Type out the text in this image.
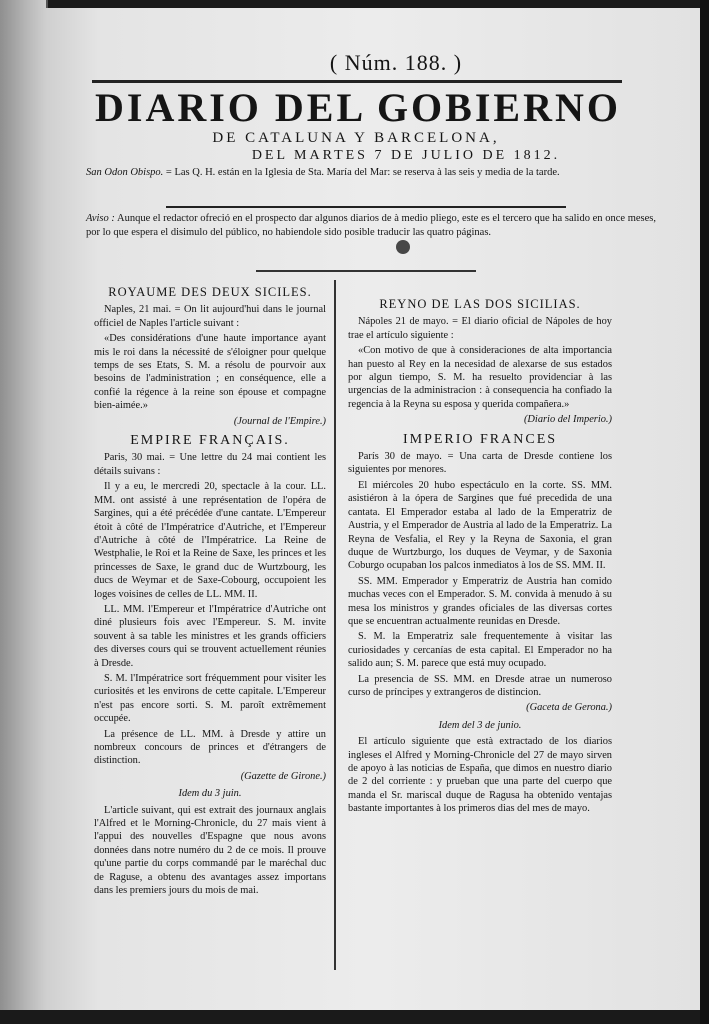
( Núm. 188. )
DIARIO DEL GOBIERNO
DE CATALUNA Y BARCELONA,
DEL MARTES 7 DE JULIO DE 1812.
San Odon Obispo. = Las Q. H. están en la Iglesia de Sta. María del Mar: se reserva à las seis y media de la tarde.
Aviso : Aunque el redactor ofreció en el prospecto dar algunos diarios de à medio pliego, este es el tercero que ha salido en once meses, por lo que espera el disimulo del público, no habiendole sido posible traducir las quatro páginas.
ROYAUME DES DEUX SICILES.

Naples, 21 mai. = On lit aujourd'hui dans le journal officiel de Naples l'article suivant :

«Des considérations d'une haute importance ayant mis le roi dans la nécessité de s'éloigner pour quelque temps de ses Etats, S. M. a résolu de pourvoir aux besoins de l'administration ; en conséquence, elle a confié la régence à la reine son épouse et compagne bien-aimée.»

(Journal de l'Empire.)
EMPIRE FRANÇAIS.

Paris, 30 mai. = Une lettre du 24 mai contient les détails suivans :

Il y a eu, le mercredi 20, spectacle à la cour. LL. MM. ont assisté à une représentation de l'opéra de Sargines, qui a été précédée d'une cantate. L'Empereur étoit à côté de l'Impératrice d'Autriche, et l'Empereur d'Autriche à côté de l'Impératrice. La Reine de Westphalie, le Roi et la Reine de Saxe, les princes et les princesses de Saxe, le grand duc de Wurtzbourg, les ducs de Weymar et de Saxe-Cobourg, occupoient les loges voisines de celles de LL. MM. II.

LL. MM. l'Empereur et l'Impératrice d'Autriche ont diné plusieurs fois avec l'Empereur. S. M. invite souvent à sa table les ministres et les grands officiers des diverses cours qui se trouvent actuellement réunies à Dresde.

S. M. l'Impératrice sort fréquemment pour visiter les curiosités et les environs de cette capitale. L'Empereur n'est pas encore sorti. S. M. paroît extrêmement occupée.

La présence de LL. MM. à Dresde y attire un nombreux concours de princes et d'étrangers de distinction.

(Gazette de Girone.)
Idem du 3 juin.

L'article suivant, qui est extrait des journaux anglais l'Alfred et le Morning-Chronicle, du 27 mais vient à l'appui des nouvelles d'Espagne que nous avons données dans notre numéro du 2 de ce mois. Il prouve qu'une partie du corps commandé par le maréchal duc de Raguse, a obtenu des avantages assez importans dans les premiers jours du mois de mai.

REYNO DE LAS DOS SICILIAS.

Nápoles 21 de mayo. = El diario oficial de Nápoles de hoy trae el artículo siguiente :

«Con motivo de que à consideraciones de alta importancia han puesto al Rey en la necesidad de alexarse de sus estados por algun tiempo, S. M. ha resuelto providenciar à las urgencias de la administracion : à consequencia ha confiado la regencia à la Reyna su esposa y querida compañera.»

(Diario del Imperio.)
IMPERIO FRANCES

París 30 de mayo. = Una carta de Dresde contiene los siguientes por menores.

El miércoles 20 hubo espectáculo en la corte. SS. MM. asistiéron à la ópera de Sargines que fué precedida de una cantata. El Emperador estaba al lado de la Emperatriz de Austria, y el Emperador de Austria al lado de la Emperatriz. La Reyna de Vesfalia, el Rey y la Reyna de Saxonia, el gran duque de Wurtzburgo, los duques de Veymar, y de Saxonia Coburgo ocupaban los palcos inmediatos à los de SS. MM. II.

SS. MM. Emperador y Emperatriz de Austria han comido muchas veces con el Emperador. S. M. convida à menudo à su mesa los ministros y grandes oficiales de las diversas cortes que se encuentran actualmente reunidas en Dresde.

S. M. la Emperatriz sale frequentemente à visitar las curiosidades y cercanías de esta capital. El Emperador no ha salido aun; S. M. parece que está muy ocupado.

La presencia de SS. MM. en Dresde atrae un numeroso curso de príncipes y extrangeros de distincion.

(Gaceta de Gerona.)
Idem del 3 de junio.

El artículo siguiente que està extractado de los diarios ingleses el Alfred y Morning-Chronicle del 27 de mayo sirven de apoyo à las noticias de España, que dimos en nuestro diario de 2 del corriente : y prueban que una parte del cuerpo que manda el Sr. mariscal duque de Ragusa ha obtenido ventajas bastante importantes à los primeros dias del mes de mayo.
